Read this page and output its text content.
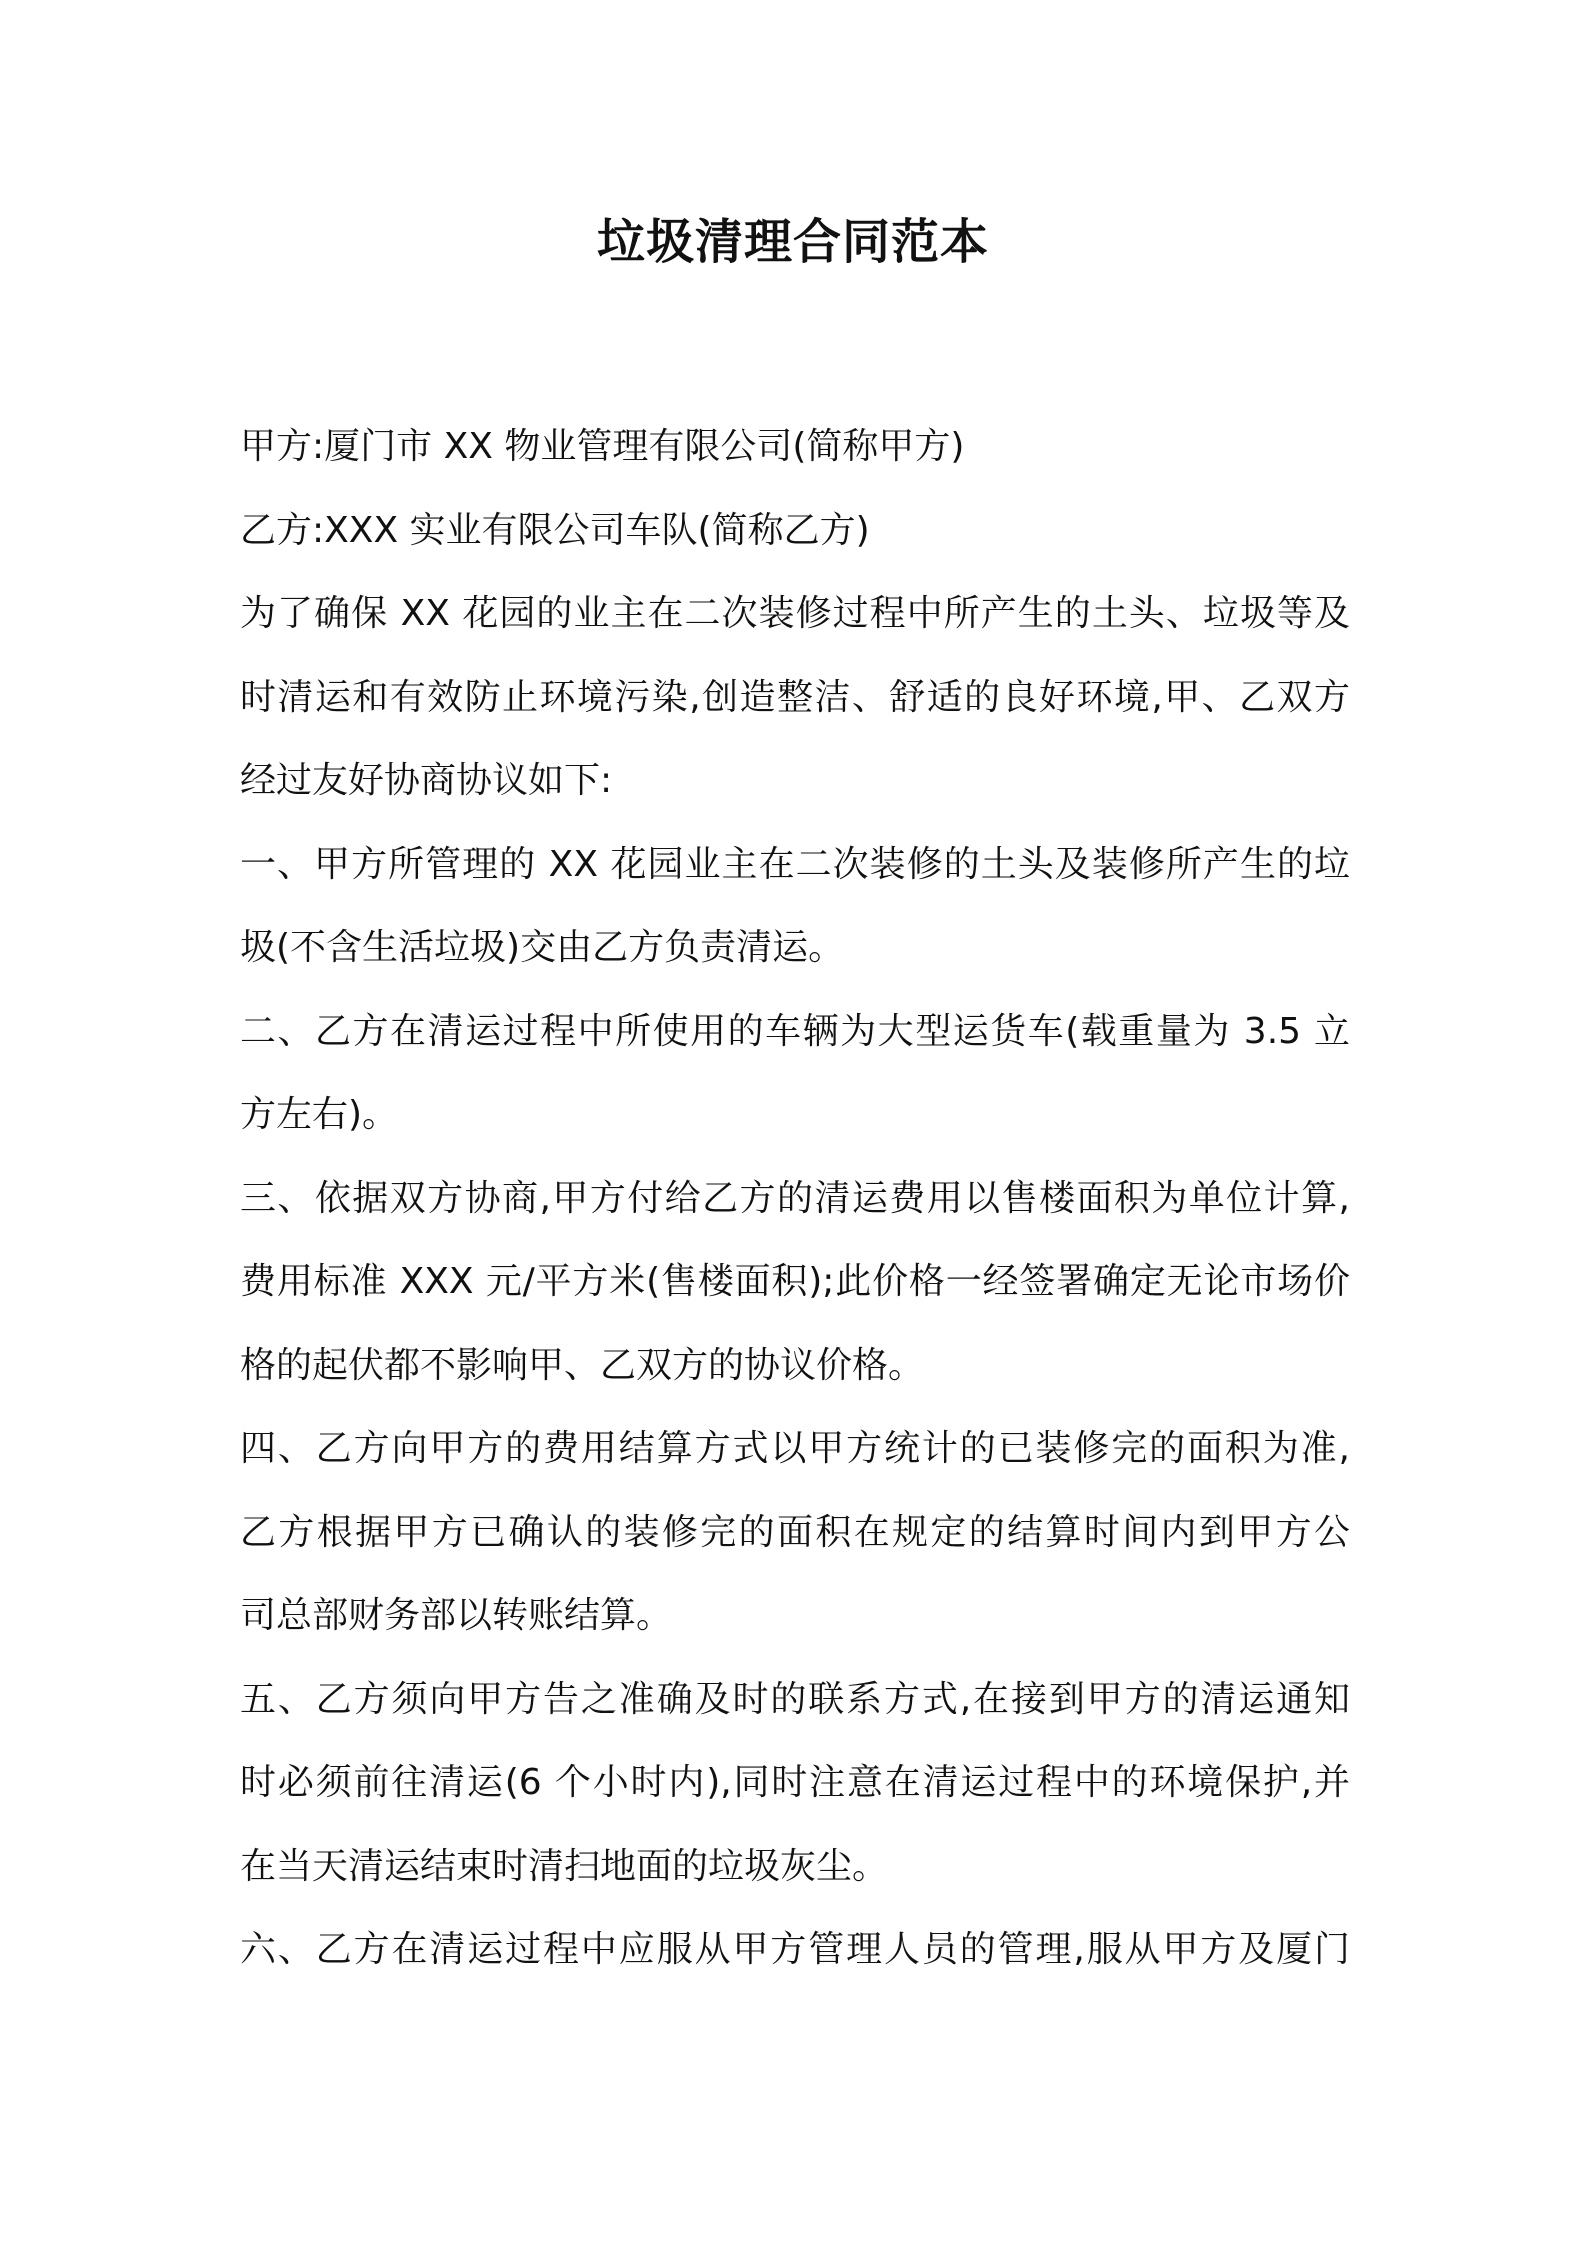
垃圾清理合同范本
甲方:厦门市 XX 物业管理有限公司(简称甲方)
乙方:XXX 实业有限公司车队(简称乙方)
为了确保 XX 花园的业主在二次装修过程中所产生的土头、垃圾等及
时清运和有效防止环境污染,创造整洁、舒适的良好环境,甲、乙双方
经过友好协商协议如下:
一、甲方所管理的 XX 花园业主在二次装修的土头及装修所产生的垃
圾(不含生活垃圾)交由乙方负责清运。
二、乙方在清运过程中所使用的车辆为大型运货车(载重量为 3.5 立
方左右)。
三、依据双方协商,甲方付给乙方的清运费用以售楼面积为单位计算,
费用标准 XXX 元/平方米(售楼面积);此价格一经签署确定无论市场价
格的起伏都不影响甲、乙双方的协议价格。
四、乙方向甲方的费用结算方式以甲方统计的已装修完的面积为准,
乙方根据甲方已确认的装修完的面积在规定的结算时间内到甲方公
司总部财务部以转账结算。
五、乙方须向甲方告之准确及时的联系方式,在接到甲方的清运通知
时必须前往清运(6 个小时内),同时注意在清运过程中的环境保护,并
在当天清运结束时清扫地面的垃圾灰尘。
六、乙方在清运过程中应服从甲方管理人员的管理,服从甲方及厦门
